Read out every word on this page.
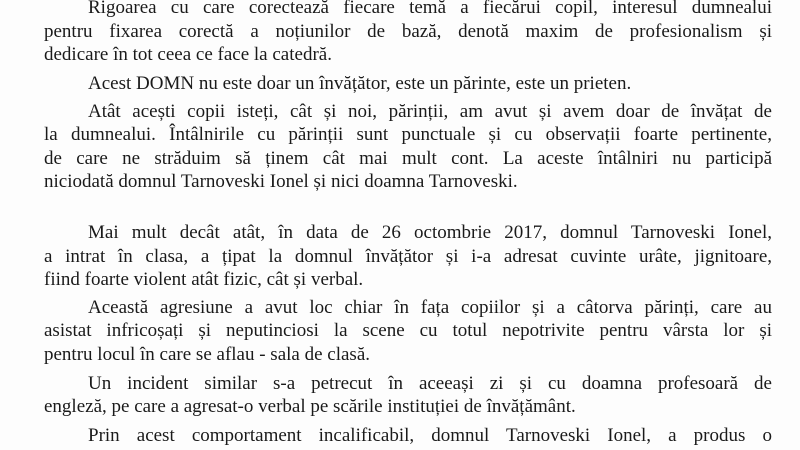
Rigoarea cu care corectează fiecare temă a fiecărui copil, interesul dumnealui
pentru fixarea corectă a noțiunilor de bază, denotă maxim de profesionalism și
dedicare în tot ceea ce face la catedră.
Acest DOMN nu este doar un învățător, este un părinte, este un prieten.
Atât acești copii isteți, cât și noi, părinții, am avut și avem doar de învățat de
la dumnealui. Întâlnirile cu părinții sunt punctuale și cu observații foarte pertinente,
de care ne străduim să ținem cât mai mult cont. La aceste întâlniri nu participă
niciodată domnul Tarnoveski Ionel și nici doamna Tarnoveski.
Mai mult decât atât, în data de 26 octombrie 2017, domnul Tarnoveski Ionel,
a intrat în clasa, a țipat la domnul învățător și i-a adresat cuvinte urâte, jignitoare,
fiind foarte violent atât fizic, cât și verbal.
Această agresiune a avut loc chiar în fața copiilor și a câtorva părinți, care au
asistat infricoșați și neputinciosi la scene cu totul nepotrivite pentru vârsta lor și
pentru locul în care se aflau - sala de clasă.
Un incident similar s-a petrecut în aceeași zi și cu doamna profesoară de
engleză, pe care a agresat-o verbal pe scările instituției de învățământ.
Prin acest comportament incalificabil, domnul Tarnoveski Ionel, a produs o
